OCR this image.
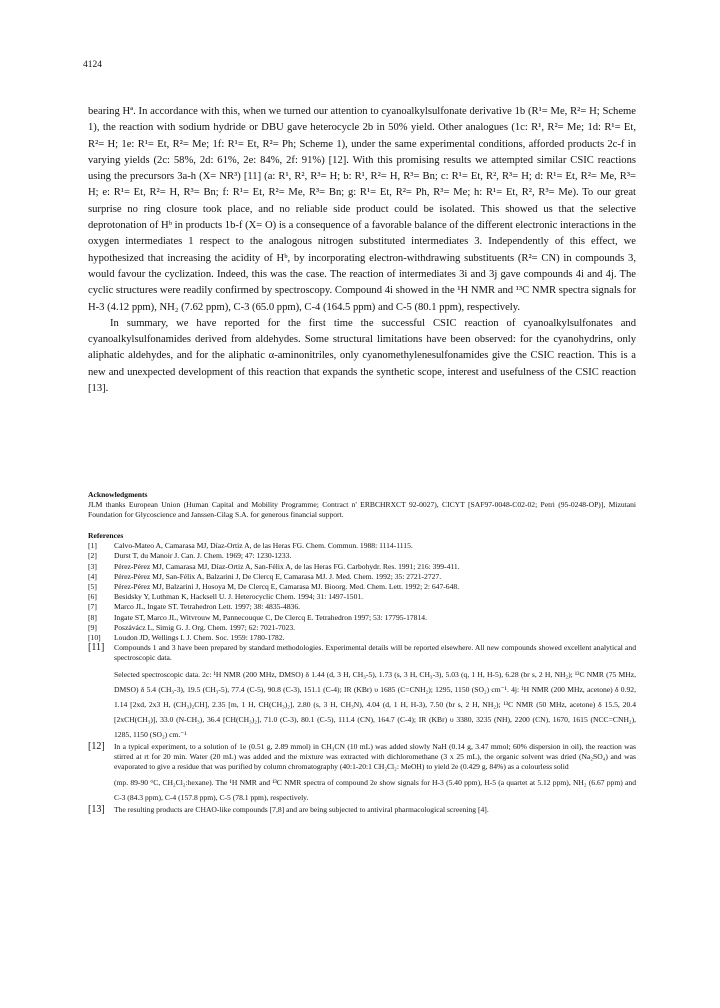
4124

bearing Hª. In accordance with this, when we turned our attention to cyanoalkylsulfonate derivative 1b (R¹= Me, R²= H; Scheme 1), the reaction with sodium hydride or DBU gave heterocycle 2b in 50% yield. Other analogues (1c: R¹, R²= Me; 1d: R¹= Et, R²= H; 1e: R¹= Et, R²= Me; 1f: R¹= Et, R²= Ph; Scheme 1), under the same experimental conditions, afforded products 2c-f in varying yields (2c: 58%, 2d: 61%, 2e: 84%, 2f: 91%) [12]. With this promising results we attempted similar CSIC reactions using the precursors 3a-h (X= NR³) [11] (a: R¹, R², R³= H; b: R¹, R²= H, R³= Bn; c: R¹= Et, R², R³= H; d: R¹= Et, R²= Me, R³= H; e: R¹= Et, R²= H, R³= Bn; f: R¹= Et, R²= Me, R³= Bn; g: R¹= Et, R²= Ph, R³= Me; h: R¹= Et, R², R³= Me). To our great surprise no ring closure took place, and no reliable side product could be isolated. This showed us that the selective deprotonation of Hᵇ in products 1b-f (X= O) is a consequence of a favorable balance of the different electronic interactions in the oxygen intermediates 1 respect to the analogous nitrogen substituted intermediates 3. Independently of this effect, we hypothesized that increasing the acidity of Hᵇ, by incorporating electron-withdrawing substituents (R²= CN) in compounds 3, would favour the cyclization. Indeed, this was the case. The reaction of intermediates 3i and 3j gave compounds 4i and 4j. The cyclic structures were readily confirmed by spectroscopy. Compound 4i showed in the ¹H NMR and ¹³C NMR spectra signals for H-3 (4.12 ppm), NH₂ (7.62 ppm), C-3 (65.0 ppm), C-4 (164.5 ppm) and C-5 (80.1 ppm), respectively.

In summary, we have reported for the first time the successful CSIC reaction of cyanoalkylsulfonates and cyanoalkylsulfonamides derived from aldehydes. Some structural limitations have been observed: for the cyanohydrins, only aliphatic aldehydes, and for the aliphatic α-aminonitriles, only cyanomethylenesulfonamides give the CSIC reaction. This is a new and unexpected development of this reaction that expands the synthetic scope, interest and usefulness of the CSIC reaction [13].

Acknowledgments
JLM thanks European Union (Human Capital and Mobility Programme; Contract n' ERBCHRXCT 92-0027), CICYT [SAF97-0048-C02-02; Petri (95-0248-OP)], Mizutani Foundation for Glycoscience and Janssen-Cilag S.A. for generous financial support.
References
[1]	Calvo-Mateo A, Camarasa MJ, Díaz-Ortiz A, de las Heras FG. Chem. Commun. 1988: 1114-1115.
[2]	Durst T, du Manoir J. Can. J. Chem. 1969; 47: 1230-1233.
[3]	Pérez-Pérez MJ, Camarasa MJ, Díaz-Ortiz A, San-Félix A, de las Heras FG. Carbohydr. Res. 1991; 216: 399-411.
[4]	Pérez-Pérez MJ, San-Félix A, Balzarini J, De Clercq E, Camarasa MJ. J. Med. Chem. 1992; 35: 2721-2727.
[5]	Pérez-Pérez MJ, Balzarini J, Hosoya M, De Clercq E, Camarasa MJ. Bioorg. Med. Chem. Lett. 1992; 2: 647-648.
[6]	Besidsky Y, Luthman K, Hacksell U. J. Heterocyclic Chem. 1994; 31: 1497-1501.
[7]	Marco JL, Ingate ST. Tetrahedron Lett. 1997; 38: 4835-4836.
[8]	Ingate ST, Marco JL, Witvrouw M, Pannecouque C, De Clercq E. Tetrahedron 1997; 53: 17795-17814.
[9]	Poszávácz L, Simig G. J. Org. Chem. 1997; 62: 7021-7023.
[10]	Loudon JD, Wellings I. J. Chem. Soc. 1959: 1780-1782.
[11]	Compounds 1 and 3 have been prepared by standard methodologies. Experimental details will be reported elsewhere. All new compounds showed excellent analytical and spectroscopic data.
Selected spectroscopic data. 2c: ¹H NMR (200 MHz, DMSO) δ 1.44 (d, 3 H, CH₃-5), 1.73 (s, 3 H, CH₃-3), 5.03 (q, 1 H, H-5), 6.28 (br s, 2 H, NH₂); ¹³C NMR (75 MHz, DMSO) δ 5.4 (CH₃-3), 19.5 (CH₃-5), 77.4 (C-5), 90.8 (C-3), 151.1 (C-4); IR (KBr) υ 1685 (C=CNH₂); 1295, 1150 (SO₂) cm⁻¹. 4j: ¹H NMR (200 MHz, acetone) δ 0.92, 1.14 [2xd, 2x3 H, (CH₃)₂CH], 2.35 [m, 1 H, CH(CH₃)₂], 2.80 (s, 3 H, CH₃N), 4.04 (d, 1 H, H-3), 7.50 (br s, 2 H, NH₂); ¹³C NMR (50 MHz, acetone) δ 15.5, 20.4 [2xCH(CH₃)], 33.0 (N-CH₃), 36.4 [CH(CH₃)₂], 71.0 (C-3), 80.1 (C-5), 111.4 (CN), 164.7 (C-4); IR (KBr) υ 3380, 3235 (NH), 2200 (CN), 1670, 1615 (NCC=CNH₂), 1285, 1150 (SO₂) cm.⁻¹
[12]	In a typical experiment, to a solution of 1e (0.51 g, 2.89 mmol) in CH₃CN (10 mL) was added slowly NaH (0.14 g, 3.47 mmol; 60% dispersion in oil), the reaction was stirred at rt for 20 min. Water (20 mL) was added and the mixture was extracted with dichloromethane (3 x 25 mL), the organic solvent was dried (Na₂SO₄) and was evaporated to give a residue that was purified by column chromatography (40:1-20:1 CH₂Cl₂: MeOH) to yield 2e (0.429 g, 84%) as a colourless solid
(mp. 89-90 °C, CH₂Cl₂:hexane). The ¹H NMR and ¹³C NMR spectra of compound 2e show signals for H-3 (5.40 ppm), H-5 (a quartet at 5.12 ppm), NH₂ (6.67 ppm) and C-3 (84.3 ppm), C-4 (157.8 ppm), C-5 (78.1 ppm), respectively.
[13]	The resulting products are CHAO-like compounds [7,8] and are being subjected to antiviral pharmacological screening [4].
